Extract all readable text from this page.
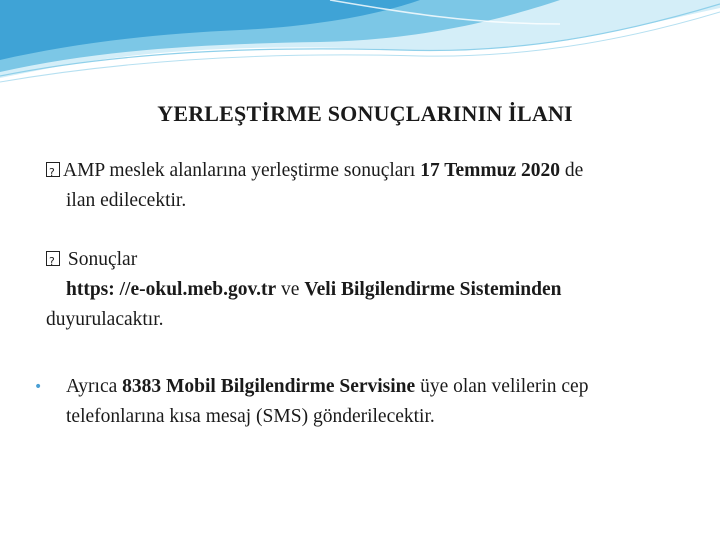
YERLEŞTİRME SONUÇLARININ İLANI
?AMP meslek alanlarına yerleştirme sonuçları 17 Temmuz 2020 de
ilan edilecektir.
? Sonuçlar
https: //e-okul.meb.gov.tr ve Veli Bilgilendirme Sisteminden
duyurulacaktır.
• Ayrıca 8383 Mobil Bilgilendirme Servisine üye olan velilerin cep
telefonlarına kısa mesaj (SMS) gönderilecektir.
